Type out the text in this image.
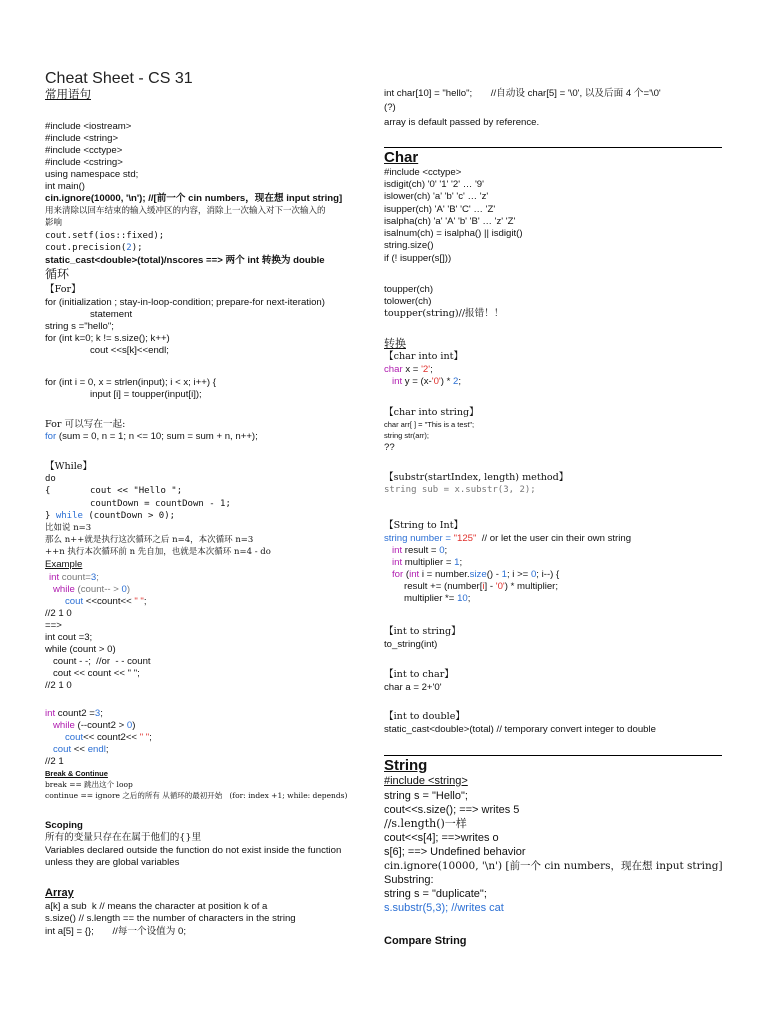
Cheat Sheet - CS 31
常用语句
#include <iostream>
#include <string>
#include <cctype>
#include <cstring>
using namespace std;
int main()
cin.ignore(10000, '\n'); //[前一个 cin numbers，现在想 input string]
用来清除以回车结束的输入缓冲区的内容，消除上一次输入对下一次输入的
影响
cout.setf(ios::fixed);
cout.precision(2);
static_cast<double>(total)/nscores ==> 两个 int 转换为 double
循环
【For】
for (initialization ; stay-in-loop-condition; prepare-for next-iteration)
statement
string s ="hello";
for (int k=0; k != s.size(); k++)
cout <<s[k]<<endl;
for (int i = 0, x = strlen(input); i < x; i++) {
input [i] = toupper(input[i]);
For 可以写在一起:
for (sum = 0, n = 1; n <= 10; sum = sum + n, n++);
【While】
do
{	cout << "Hello ";
countDown = countDown - 1;
} while (countDown > 0);
比如说 n=3
那么 n++就是执行这次循环之后 n=4，本次循环 n=3
++n 执行本次循环前 n 先自加，也就是本次循环 n=4 - do
Example
int count=3;
while (count-- > 0)
cout <<count<< " ";
//2 1 0
==>
int cout =3;
while (count > 0)
count - -;  //or  - - count
cout << count << " ";
//2 1 0
int count2 =3;
while (--count2 > 0)
cout<< count2<< " ";
cout << endl;
//2 1
Break & Continue
break == 跳出这个 loop
continue == ignore 之后的所有 从循环的最初开始   (for: index +1; while: depends)
Scoping
所有的变量只存在在属于他们的{}里
Variables declared outside the function do not exist inside the function
unless they are global variables
Array
a[k] a sub  k // means the character at position k of a
s.size() // s.length == the number of characters in the string
int a[5] = {};       //每一个设值为 0;
int char[10] = "hello";       //自动设 char[5] = '\0', 以及后面 4 个='\0'
(?)
array is default passed by reference.
Char
#include <cctype>
isdigit(ch) '0' '1' '2' … '9'
islower(ch) 'a' 'b' 'c' … 'z'
isupper(ch) 'A' 'B' 'C' … 'Z'
isalpha(ch) 'a' 'A' 'b' 'B' … 'z' 'Z'
isalnum(ch) = isalpha() || isdigit()
string.size()
if (! isupper(s[]))
toupper(ch)
tolower(ch)
toupper(string)//报错！！
转换
【char into int】
char x = '2';
int y = (x-'0') * 2;
【char into string】
char arr[ ] = "This is a test";
string str(arr);
??
【substr(startIndex, length) method】
string sub = x.substr(3, 2);
【String to Int】
string number = "125"  // or let the user cin their own string
int result = 0;
int multiplier = 1;
for (int i = number.size() - 1; i >= 0; i--) {
result += (number[i] - '0') * multiplier;
multiplier *= 10;
【int to string】
to_string(int)
【int to char】
char a = 2+'0'
【int to double】
static_cast<double>(total) // temporary convert integer to double
String
#include <string>
string s = "Hello";
cout<<s.size(); ==> writes 5
//s.length()一样
cout<<s[4]; ==>writes o
s[6]; ==> Undefined behavior
cin.ignore(10000, '\n') [前一个 cin numbers，现在想 input string]
Substring:
string s = "duplicate";
s.substr(5,3); //writes cat
Compare String
